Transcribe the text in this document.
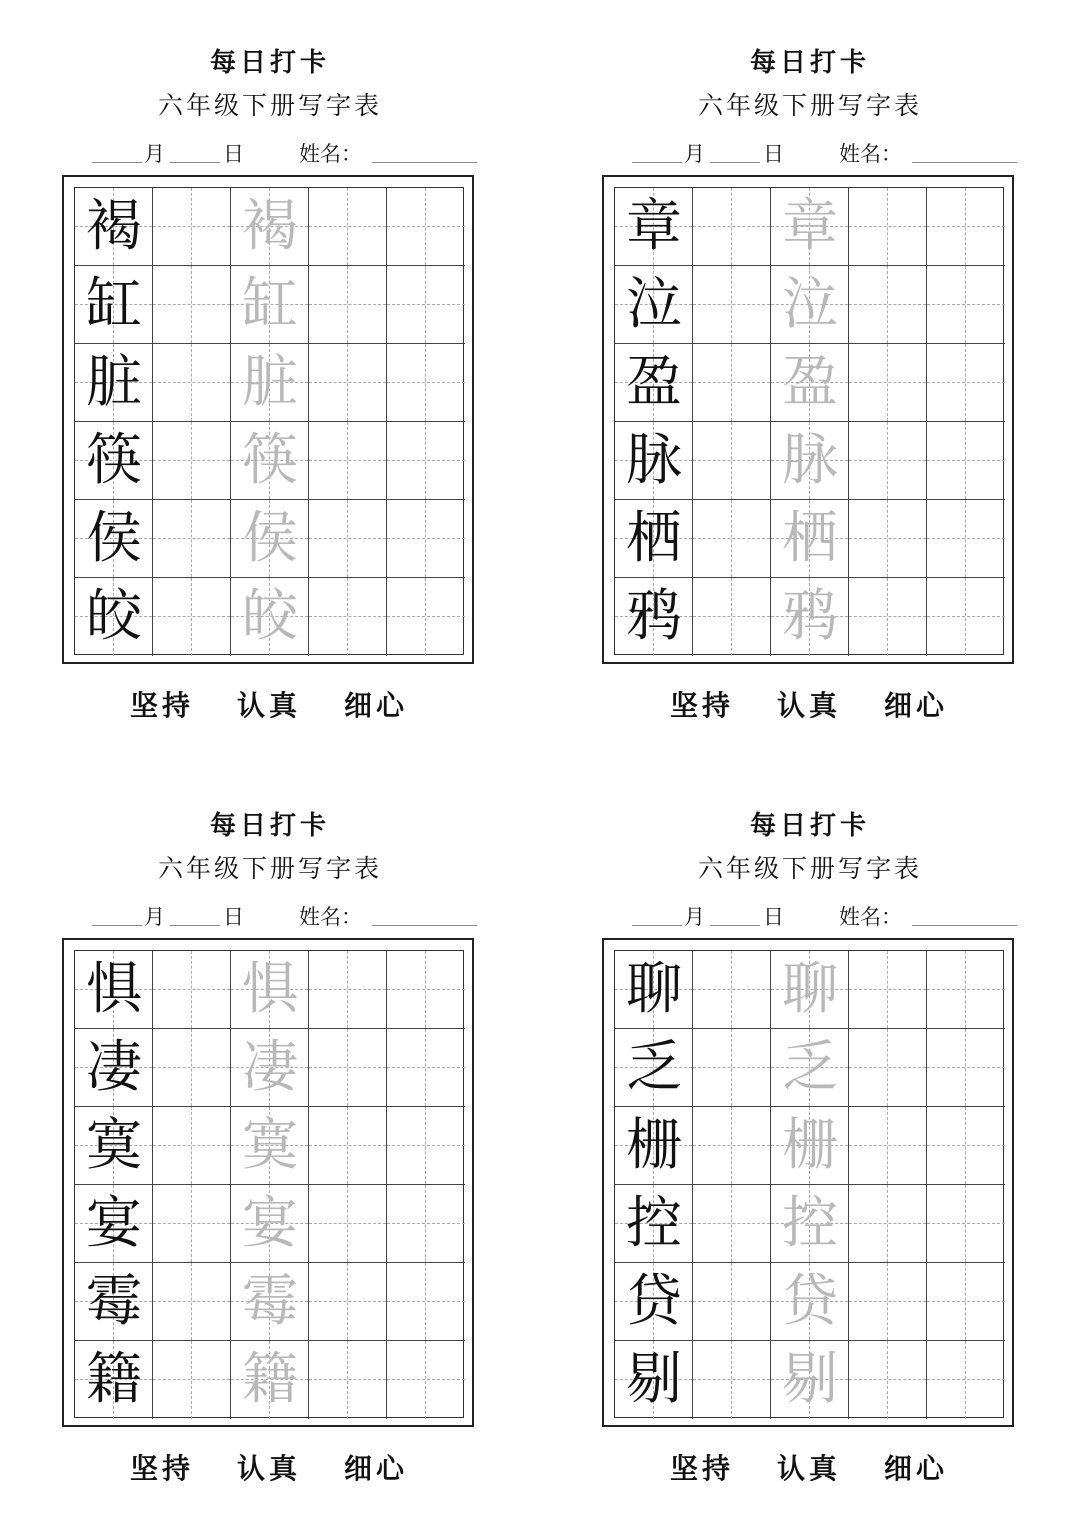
每日打卡
六年级下册写字表
月	日	姓名：
褐 褐
缸 缸
脏 脏
筷 筷
侯 侯
皎 皎
坚持 认真 细心
每日打卡
六年级下册写字表
月	日	姓名：
章 章
泣 泣
盈 盈
脉 脉
栖 栖
鸦 鸦
坚持 认真 细心
每日打卡
六年级下册写字表
月	日	姓名：
惧 惧
凄 凄
寞 寞
宴 宴
霉 霉
籍 籍
坚持 认真 细心
每日打卡
六年级下册写字表
月	日	姓名：
聊 聊
乏 乏
栅 栅
控 控
贷 贷
剔 剔
坚持 认真 细心
